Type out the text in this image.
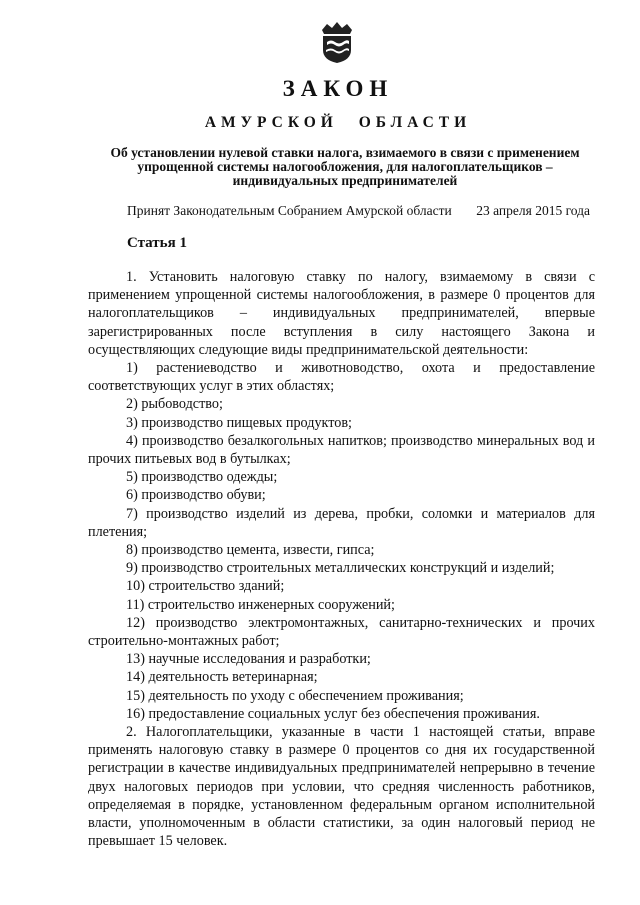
ЗАКОН
АМУРСКОЙ ОБЛАСТИ
Об установлении нулевой ставки налога, взимаемого в связи с применением упрощенной системы налогообложения, для налогоплательщиков – индивидуальных предпринимателей
Принят Законодательным Собранием Амурской области 23 апреля 2015 года
Статья 1

1. Установить налоговую ставку по налогу, взимаемому в связи с применением упрощенной системы налогообложения, в размере 0 процентов для налогоплательщиков – индивидуальных предпринимателей, впервые зарегистрированных после вступления в силу настоящего Закона и осуществляющих следующие виды предпринимательской деятельности:

1) растениеводство и животноводство, охота и предоставление соответствующих услуг в этих областях;

2) рыбоводство;

3) производство пищевых продуктов;

4) производство безалкогольных напитков; производство минеральных вод и прочих питьевых вод в бутылках;

5) производство одежды;

6) производство обуви;

7) производство изделий из дерева, пробки, соломки и материалов для плетения;

8) производство цемента, извести, гипса;

9) производство строительных металлических конструкций и изделий;

10) строительство зданий;

11) строительство инженерных сооружений;

12) производство электромонтажных, санитарно-технических и прочих строительно-монтажных работ;

13) научные исследования и разработки;

14) деятельность ветеринарная;

15) деятельность по уходу с обеспечением проживания;

16) предоставление социальных услуг без обеспечения проживания.

2. Налогоплательщики, указанные в части 1 настоящей статьи, вправе применять налоговую ставку в размере 0 процентов со дня их государственной регистрации в качестве индивидуальных предпринимателей непрерывно в течение двух налоговых периодов при условии, что средняя численность работников, определяемая в порядке, установленном федеральным органом исполнительной власти, уполномоченным в области статистики, за один налоговый период не превышает 15 человек.
